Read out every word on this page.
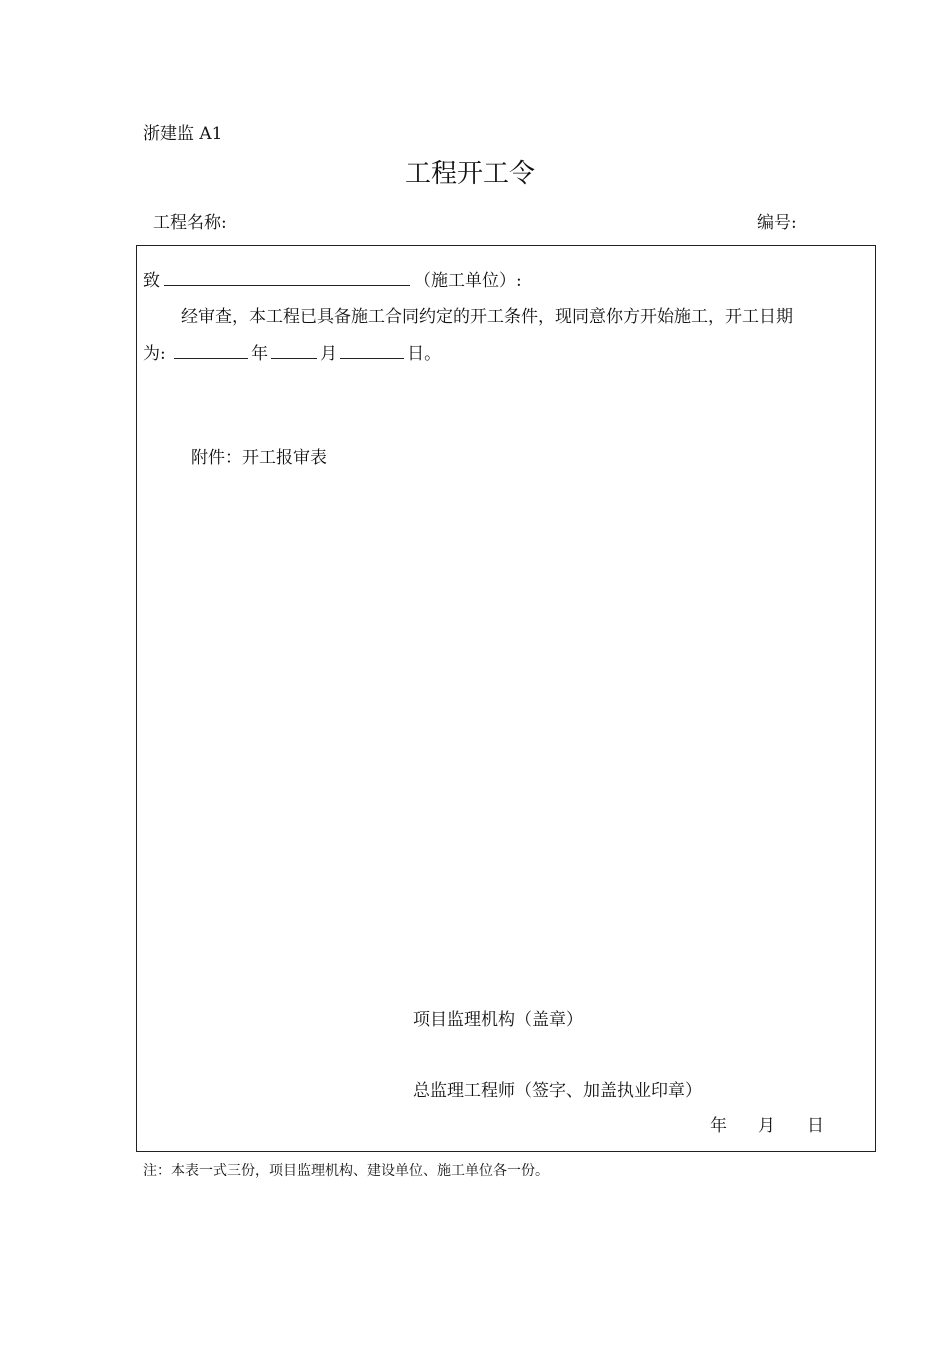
浙建监 A1
工程开工令
工程名称:	编号:
致	（施工单位）:
经审查，本工程已具备施工合同约定的开工条件，现同意你方开始施工，开工日期
为:	年	月	日。
附件：开工报审表
项目监理机构（盖章）
总监理工程师（签字、加盖执业印章）
年 月 日
注：本表一式三份，项目监理机构、建设单位、施工单位各一份。
